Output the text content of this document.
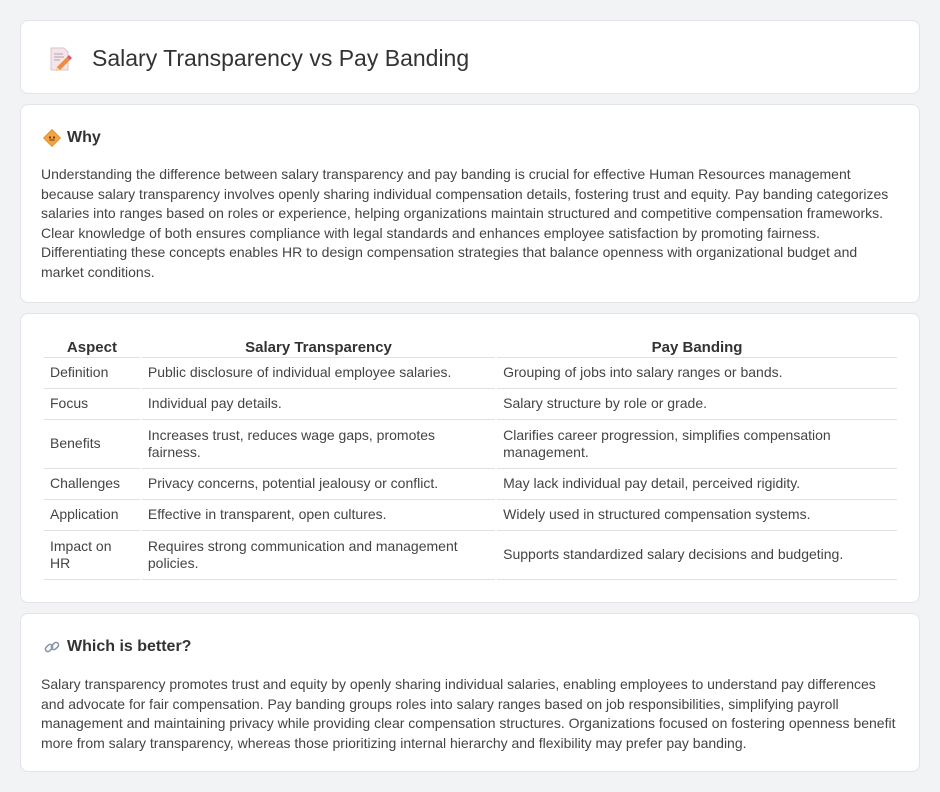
Salary Transparency vs Pay Banding
Why

Understanding the difference between salary transparency and pay banding is crucial for effective Human Resources management because salary transparency involves openly sharing individual compensation details, fostering trust and equity. Pay banding categorizes salaries into ranges based on roles or experience, helping organizations maintain structured and competitive compensation frameworks. Clear knowledge of both ensures compliance with legal standards and enhances employee satisfaction by promoting fairness. Differentiating these concepts enables HR to design compensation strategies that balance openness with organizational budget and market conditions.

Aspect	Salary Transparency	Pay Banding
Definition	Public disclosure of individual employee salaries.	Grouping of jobs into salary ranges or bands.
Focus	Individual pay details.	Salary structure by role or grade.
Benefits	Increases trust, reduces wage gaps, promotes fairness.	Clarifies career progression, simplifies compensation management.
Challenges	Privacy concerns, potential jealousy or conflict.	May lack individual pay detail, perceived rigidity.
Application	Effective in transparent, open cultures.	Widely used in structured compensation systems.
Impact on HR	Requires strong communication and management policies.	Supports standardized salary decisions and budgeting.
Which is better?

Salary transparency promotes trust and equity by openly sharing individual salaries, enabling employees to understand pay differences and advocate for fair compensation. Pay banding groups roles into salary ranges based on job responsibilities, simplifying payroll management and maintaining privacy while providing clear compensation structures. Organizations focused on fostering openness benefit more from salary transparency, whereas those prioritizing internal hierarchy and flexibility may prefer pay banding.
